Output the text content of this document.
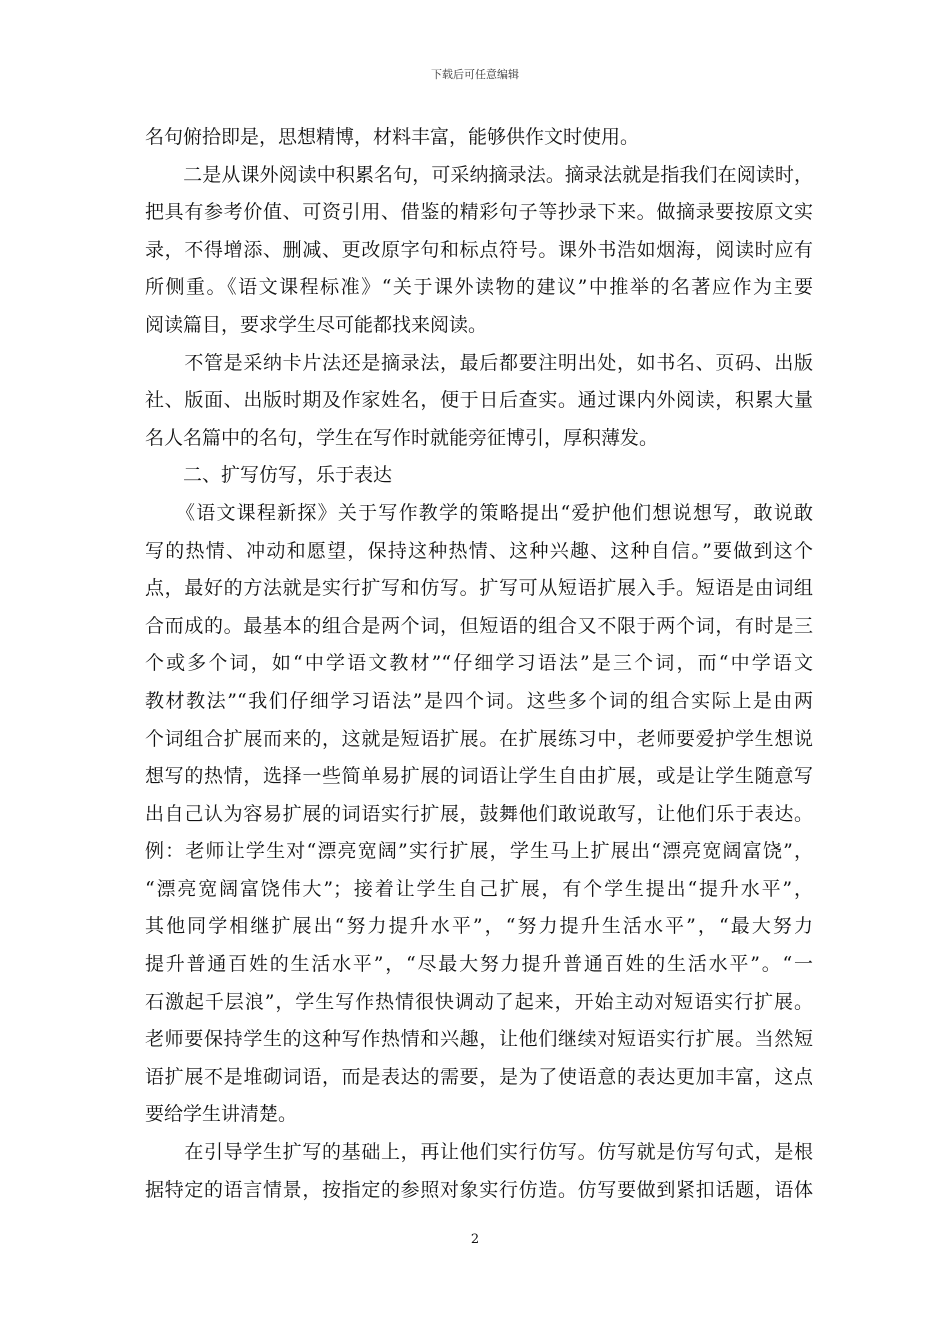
下载后可任意编辑
名句俯拾即是，思想精博，材料丰富，能够供作文时使用。
　　二是从课外阅读中积累名句，可采纳摘录法。摘录法就是指我们在阅读时，
把具有参考价值、可资引用、借鉴的精彩句子等抄录下来。做摘录要按原文实
录，不得增添、删减、更改原字句和标点符号。课外书浩如烟海，阅读时应有
所侧重。《语文课程标准》“关于课外读物的建议”中推举的名著应作为主要
阅读篇目，要求学生尽可能都找来阅读。
　　不管是采纳卡片法还是摘录法，最后都要注明出处，如书名、页码、出版
社、版面、出版时期及作家姓名，便于日后查实。通过课内外阅读，积累大量
名人名篇中的名句，学生在写作时就能旁征博引，厚积薄发。
　　二、扩写仿写，乐于表达
　　《语文课程新探》关于写作教学的策略提出“爱护他们想说想写，敢说敢
写的热情、冲动和愿望，保持这种热情、这种兴趣、这种自信。”要做到这个
点，最好的方法就是实行扩写和仿写。扩写可从短语扩展入手。短语是由词组
合而成的。最基本的组合是两个词，但短语的组合又不限于两个词，有时是三
个或多个词，如“中学语文教材”“仔细学习语法”是三个词，而“中学语文
教材教法”“我们仔细学习语法”是四个词。这些多个词的组合实际上是由两
个词组合扩展而来的，这就是短语扩展。在扩展练习中，老师要爱护学生想说
想写的热情，选择一些简单易扩展的词语让学生自由扩展，或是让学生随意写
出自己认为容易扩展的词语实行扩展，鼓舞他们敢说敢写，让他们乐于表达。
例：老师让学生对“漂亮宽阔”实行扩展，学生马上扩展出“漂亮宽阔富饶”，
“漂亮宽阔富饶伟大”；接着让学生自己扩展，有个学生提出“提升水平”，
其他同学相继扩展出“努力提升水平”，“努力提升生活水平”，“最大努力
提升普通百姓的生活水平”，“尽最大努力提升普通百姓的生活水平”。“一
石激起千层浪”，学生写作热情很快调动了起来，开始主动对短语实行扩展。
老师要保持学生的这种写作热情和兴趣，让他们继续对短语实行扩展。当然短
语扩展不是堆砌词语，而是表达的需要，是为了使语意的表达更加丰富，这点
要给学生讲清楚。
　　在引导学生扩写的基础上，再让他们实行仿写。仿写就是仿写句式，是根
据特定的语言情景，按指定的参照对象实行仿造。仿写要做到紧扣话题，语体
2
